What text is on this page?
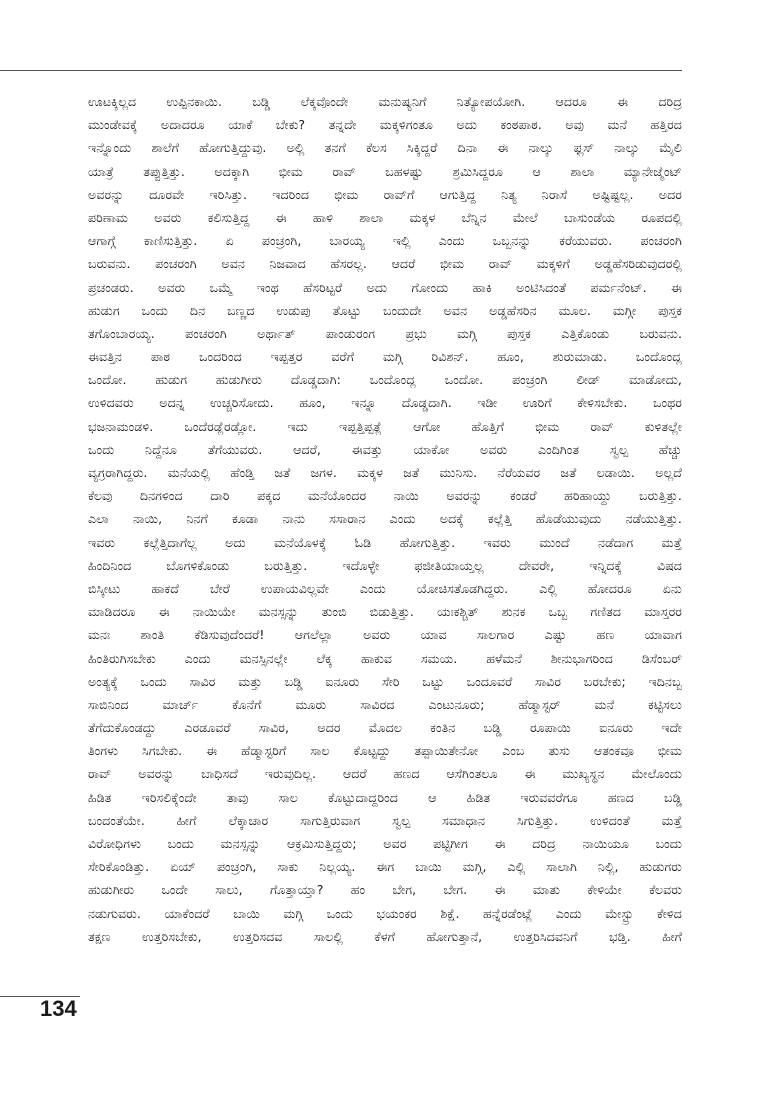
ಊಟಕ್ಕಿಲ್ಲದ ಉಪ್ಪಿನಕಾಯಿ. ಬಡ್ಡಿ ಲೆಕ್ಕವೊಂದೇ ಮನುಷ್ಯನಿಗೆ ನಿತ್ಯೋಪಯೋಗಿ. ಆದರೂ ಈ ದರಿದ್ರ
ಮುಂಡೇವಕ್ಕೆ ಅದಾದರೂ ಯಾಕೆ ಬೇಕು? ತನ್ನದೇ ಮಕ್ಕಳಿಗಂತೂ ಅದು ಕಂಠಪಾಠ. ಅವು ಮನೆ ಹತ್ತಿರದ
ಇನ್ನೊಂದು ಶಾಲೆಗೆ ಹೋಗುತ್ತಿದ್ದುವು. ಅಲ್ಲಿ ತನಗೆ ಕೆಲಸ ಸಿಕ್ಕಿದ್ದರೆ ದಿನಾ ಈ ನಾಲ್ಕು ಫ್ಲಸ್ ನಾಲ್ಕು ಮೈಲಿ
ಯಾತ್ರೆ ತಪ್ಪುತ್ತಿತ್ತು. ಅದಕ್ಕಾಗಿ ಭೀಮ ರಾವ್ ಬಹಳಷ್ಟು ಶ್ರಮಿಸಿದ್ದರೂ ಆ ಶಾಲಾ ಮ್ಯಾನೇಜ್ಮೆಂಟ್
ಅವರನ್ನು ದೂರವೇ ಇರಿಸಿತ್ತು. ಇದರಿಂದ ಭೀಮ ರಾವ್‌ಗೆ ಆಗುತ್ತಿದ್ದ ನಿತ್ಯ ನಿರಾಸೆ ಅಷ್ಟಿಷ್ಟಲ್ಲ. ಅದರ
ಪರಿಣಾಮ ಅವರು ಕಲಿಸುತ್ತಿದ್ದ ಈ ಹಾಳಿ ಶಾಲಾ ಮಕ್ಕಳ ಬೆನ್ನಿನ ಮೇಲೆ ಬಾಸುಂಡೆಯ ರೂಪದಲ್ಲಿ
ಆಗಾಗ್ಗೆ ಕಾಣಿಸುತ್ತಿತ್ತು. ಏ ಪಂಚ್ರಂಗಿ, ಬಾರಯ್ಯ ಇಲ್ಲಿ ಎಂದು ಒಬ್ಬನನ್ನು ಕರೆಯುವರು. ಪಂಚರಂಗಿ
ಬರುವನು. ಪಂಚರಂಗಿ ಅವನ ನಿಜವಾದ ಹೆಸರಲ್ಲ. ಆದರೆ ಭೀಮ ರಾವ್ ಮಕ್ಕಳಿಗೆ ಅಡ್ಡಹೆಸರಿಡುವುದರಲ್ಲಿ
ಪ್ರಚಂಡರು. ಅವರು ಒಮ್ಮೆ ಇಂಥ ಹೆಸರಿಟ್ಟರೆ ಅದು ಗೋಂದು ಹಾಕಿ ಅಂಟಿಸಿದಂತೆ ಪರ್ಮನೆಂಟ್. ಈ
ಹುಡುಗ ಒಂದು ದಿನ ಬಣ್ಣದ ಉಡುಪು ತೊಟ್ಟು ಬಂದುದೇ ಅವನ ಅಡ್ಡಹೆಸರಿನ ಮೂಲ. ಮಗ್ಗೀ ಪುಸ್ತಕ
ತಗೊಂಬಾರಯ್ಯ. ಪಂಚರಂಗಿ ಅರ್ಥಾತ್ ಪಾಂಡುರಂಗ ಪ್ರಭು ಮಗ್ಗಿ ಪುಸ್ತಕ ಎತ್ತಿಕೊಂಡು ಬರುವನು.
ಈವತ್ತಿನ ಪಾಠ ಒಂದರಿಂದ ಇಪ್ಪತ್ತರ ವರೆಗೆ ಮಗ್ಗಿ ರಿವಿಶನ್. ಹೂಂ, ಶುರುಮಾಡು. ಒಂದೊಂದ್ಲ
ಒಂದೋ. ಹುಡುಗ ಹುಡುಗೀರು ದೊಡ್ಡದಾಗಿ: ಒಂದೊಂದ್ಲ ಒಂದೋ. ಪಂಚ್ರಂಗಿ ಲೀಡ್ ಮಾಡೋದು,
ಉಳಿದವರು ಅದನ್ನ ಉಚ್ಚರಿಸೋದು. ಹೂಂ, ಇನ್ನೂ ದೊಡ್ಡದಾಗಿ. ಇಡೀ ಊರಿಗೆ ಕೇಳಿಸಬೇಕು. ಒಂಥರ
ಭಜನಾಮಂಡಳಿ. ಒಂದೆರಡ್ಲೆರಡ್ಲೋ. ಇದು ಇಪ್ಪತ್ತಿಪ್ಪತ್ಲೆ ಆಗೋ ಹೊತ್ತಿಗೆ ಭೀಮ ರಾವ್ ಕುಳಿತಲ್ಲೇ
ಒಂದು ನಿದ್ದೆನೂ ತೆಗೆಯುವರು. ಆದರೆ, ಈವತ್ತು ಯಾಕೋ ಅವರು ಎಂದಿಗಿಂತ ಸ್ವಲ್ಪ ಹೆಚ್ಚು
ವ್ಯಗ್ರರಾಗಿದ್ದರು. ಮನೆಯಲ್ಲಿ ಹೆಂಡ್ತಿ ಜತೆ ಜಗಳ. ಮಕ್ಕಳ ಜತೆ ಮುನಿಸು. ನೆರೆಯವರ ಜತೆ ಲಡಾಯಿ. ಅಲ್ಲದೆ
ಕೆಲವು ದಿನಗಳಿಂದ ದಾರಿ ಪಕ್ಕದ ಮನೆಯೊಂದರ ನಾಯಿ ಅವರನ್ನು ಕಂಡರೆ ಹರಿಹಾಯ್ದು ಬರುತ್ತಿತ್ತು.
ಎಲಾ ನಾಯಿ, ನಿನಗೆ ಕೂಡಾ ನಾನು ಸಸಾರಾನ ಎಂದು ಅದಕ್ಕೆ ಕಲ್ಲೆತ್ತಿ ಹೊಡೆಯುವುದು ನಡೆಯುತ್ತಿತ್ತು.
ಇವರು ಕಲ್ಲೆತ್ತಿದಾಗೆಲ್ಲ ಅದು ಮನೆಯೊಳಕ್ಕೆ ಓಡಿ ಹೋಗುತ್ತಿತ್ತು. ಇವರು ಮುಂದೆ ನಡೆದಾಗ ಮತ್ತೆ
ಹಿಂದಿನಿಂದ ಬೊಗಳಿಕೊಂಡು ಬರುತ್ತಿತ್ತು. ಇದೊಳ್ಳೇ ಫಜೀತಿಯಾಯ್ತಲ್ಲ ದೇವರೇ, ಇನ್ನಿದಕ್ಕೆ ವಿಷದ
ಬಿಸ್ಕೀಟು ಹಾಕದೆ ಬೇರೆ ಉಪಾಯವಿಲ್ಲವೇ ಎಂದು ಯೋಚಿಸತೊಡಗಿದ್ದರು. ಎಲ್ಲಿ ಹೋದರೂ ಏನು
ಮಾಡಿದರೂ ಈ ನಾಯಿಯೇ ಮನಸ್ಸನ್ನು ತುಂಬಿ ಬಿಡುತ್ತಿತ್ತು. ಯಃಕಶ್ಚಿತ್ ಶುನಕ ಒಬ್ಬ ಗಣಿತದ ಮಾಸ್ತರರ
ಮನಃ ಶಾಂತಿ ಕೆಡಿಸುವುದೆಂದರೆ! ಆಗಲೆಲ್ಲಾ ಅವರು ಯಾವ ಸಾಲಗಾರ ಎಷ್ಟು ಹಣ ಯಾವಾಗ
ಹಿಂತಿರುಗಿಸಬೇಕು ಎಂದು ಮನಸ್ಸಿನಲ್ಲೇ ಲೆಕ್ಕ ಹಾಕುವ ಸಮಯ. ಹಳೆಮನೆ ಶೀನುಭಾಗರಿಂದ ಡಿಸೆಂಬರ್
ಅಂತ್ಯಕ್ಕೆ ಒಂದು ಸಾವಿರ ಮತ್ತು ಬಡ್ಡಿ ಐನೂರು ಸೇರಿ ಒಟ್ಟು ಒಂದೂವರೆ ಸಾವಿರ ಬರಬೇಕು; ಇದಿನಬ್ಬ
ಸಾಬಿನಿಂದ ಮಾರ್ಚ್ ಕೊನೆಗೆ ಮೂರು ಸಾವಿರದ ಎಂಟುನೂರು; ಹೆಡ್ಮಾಸ್ಟರ್ ಮನೆ ಕಟ್ಟಿಸಲು
ತೆಗೆದುಕೊಂಡದ್ದು ಎರಡೂವರೆ ಸಾವಿರ, ಅದರ ಮೊದಲ ಕಂತಿನ ಬಡ್ಡಿ ರೂಪಾಯಿ ಐನೂರು ಇದೇ
ತಿಂಗಳು ಸಿಗಬೇಕು. ಈ ಹೆಡ್ಮಾಸ್ಟರಿಗೆ ಸಾಲ ಕೊಟ್ಟದ್ದು ತಪ್ಪಾಯಿತೇನೋ ಎಂಬ ತುಸು ಆತಂಕವೂ ಭೀಮ
ರಾವ್ ಅವರನ್ನು ಬಾಧಿಸದೆ ಇರುವುದಿಲ್ಲ. ಆದರೆ ಹಣದ ಆಸೆಗಿಂತಲೂ ಈ ಮುಖ್ಯಸ್ಥನ ಮೇಲೊಂದು
ಹಿಡಿತ ಇರಿಸಲಿಕ್ಕೆಂದೇ ತಾವು ಸಾಲ ಕೊಟ್ಟುದಾದ್ದರಿಂದ ಆ ಹಿಡಿತ ಇರುವವರೆಗೂ ಹಣದ ಬಡ್ಡಿ
ಬಂದಂತೆಯೇ. ಹೀಗೆ ಲೆಕ್ಕಾಚಾರ ಸಾಗುತ್ತಿರುವಾಗ ಸ್ವಲ್ಪ ಸಮಾಧಾನ ಸಿಗುತ್ತಿತ್ತು. ಉಳಿದಂತೆ ಮತ್ತೆ
ವಿರೋಧಿಗಳು ಬಂದು ಮನಸ್ಸನ್ನು ಆಕ್ರಮಿಸುತ್ತಿದ್ದರು; ಅವರ ಪಟ್ಟಿಗೀಗ ಈ ದರಿದ್ರ ನಾಯಿಯೂ ಬಂದು
ಸೇರಿಕೊಂಡಿತ್ತು. ಏಯ್ ಪಂಚ್ರಂಗಿ, ಸಾಕು ನಿಲ್ಲಯ್ಯ. ಈಗ ಬಾಯಿ ಮಗ್ಗಿ, ಎಲ್ಲಿ ಸಾಲಾಗಿ ನಿಲ್ಲಿ, ಹುಡುಗರು
ಹುಡುಗೀರು ಒಂದೇ ಸಾಲು, ಗೊತ್ತಾಯ್ತಾ? ಹಂ ಬೇಗ, ಬೇಗ. ಈ ಮಾತು ಕೇಳಿಯೇ ಕೆಲವರು
ನಡುಗುವರು. ಯಾಕೆಂದರೆ ಬಾಯಿ ಮಗ್ಗಿ ಒಂದು ಭಯಂಕರ ಶಿಕ್ಷೆ. ಹನ್ನೆರಡೆಂಟ್ಲೆ ಎಂದು ಮೇಸ್ಟ್ರು ಕೇಳಿದ
ತಕ್ಷಣ ಉತ್ತರಿಸಬೇಕು, ಉತ್ತರಿಸದವ ಸಾಲಲ್ಲಿ ಕೆಳಗೆ ಹೋಗುತ್ತಾನೆ, ಉತ್ತರಿಸಿದವನಿಗೆ ಭಡ್ತಿ. ಹೀಗೆ
134
